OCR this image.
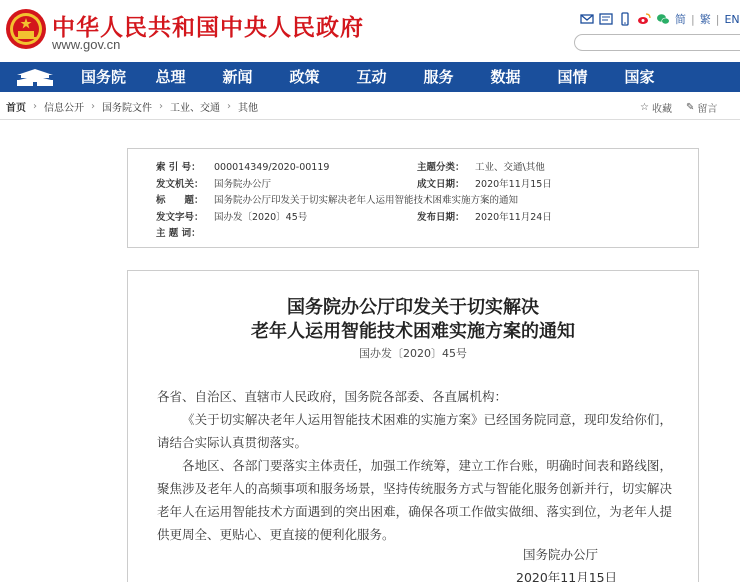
中华人民共和国中央人民政府
www.gov.cn
简 | 繁 | EN
国务院	总理	新闻	政策	互动	服务	数据	国情	国家
首页 › 信息公开 › 国务院文件 › 工业、交通 › 其他	☆ 收藏 ✎ 留言
索 引 号： 000014349/2020-00119	主题分类： 工业、交通\其他
发文机关： 国务院办公厅	成文日期： 2020年11月15日
标　　题： 国务院办公厅印发关于切实解决老年人运用智能技术困难实施方案的通知
发文字号： 国办发〔2020〕45号	发布日期： 2020年11月24日
主 题 词：
国务院办公厅印发关于切实解决
老年人运用智能技术困难实施方案的通知
国办发〔2020〕45号

各省、自治区、直辖市人民政府，国务院各部委、各直属机构：

《关于切实解决老年人运用智能技术困难的实施方案》已经国务院同意，现印发给你们，请结合实际认真贯彻落实。

各地区、各部门要落实主体责任，加强工作统筹，建立工作台账，明确时间表和路线图，聚焦涉及老年人的高频事项和服务场景，坚持传统服务方式与智能化服务创新并行，切实解决老年人在运用智能技术方面遇到的突出困难，确保各项工作做实做细、落实到位，为老年人提供更周全、更贴心、更直接的便利化服务。

国务院办公厅
2020年11月15日
